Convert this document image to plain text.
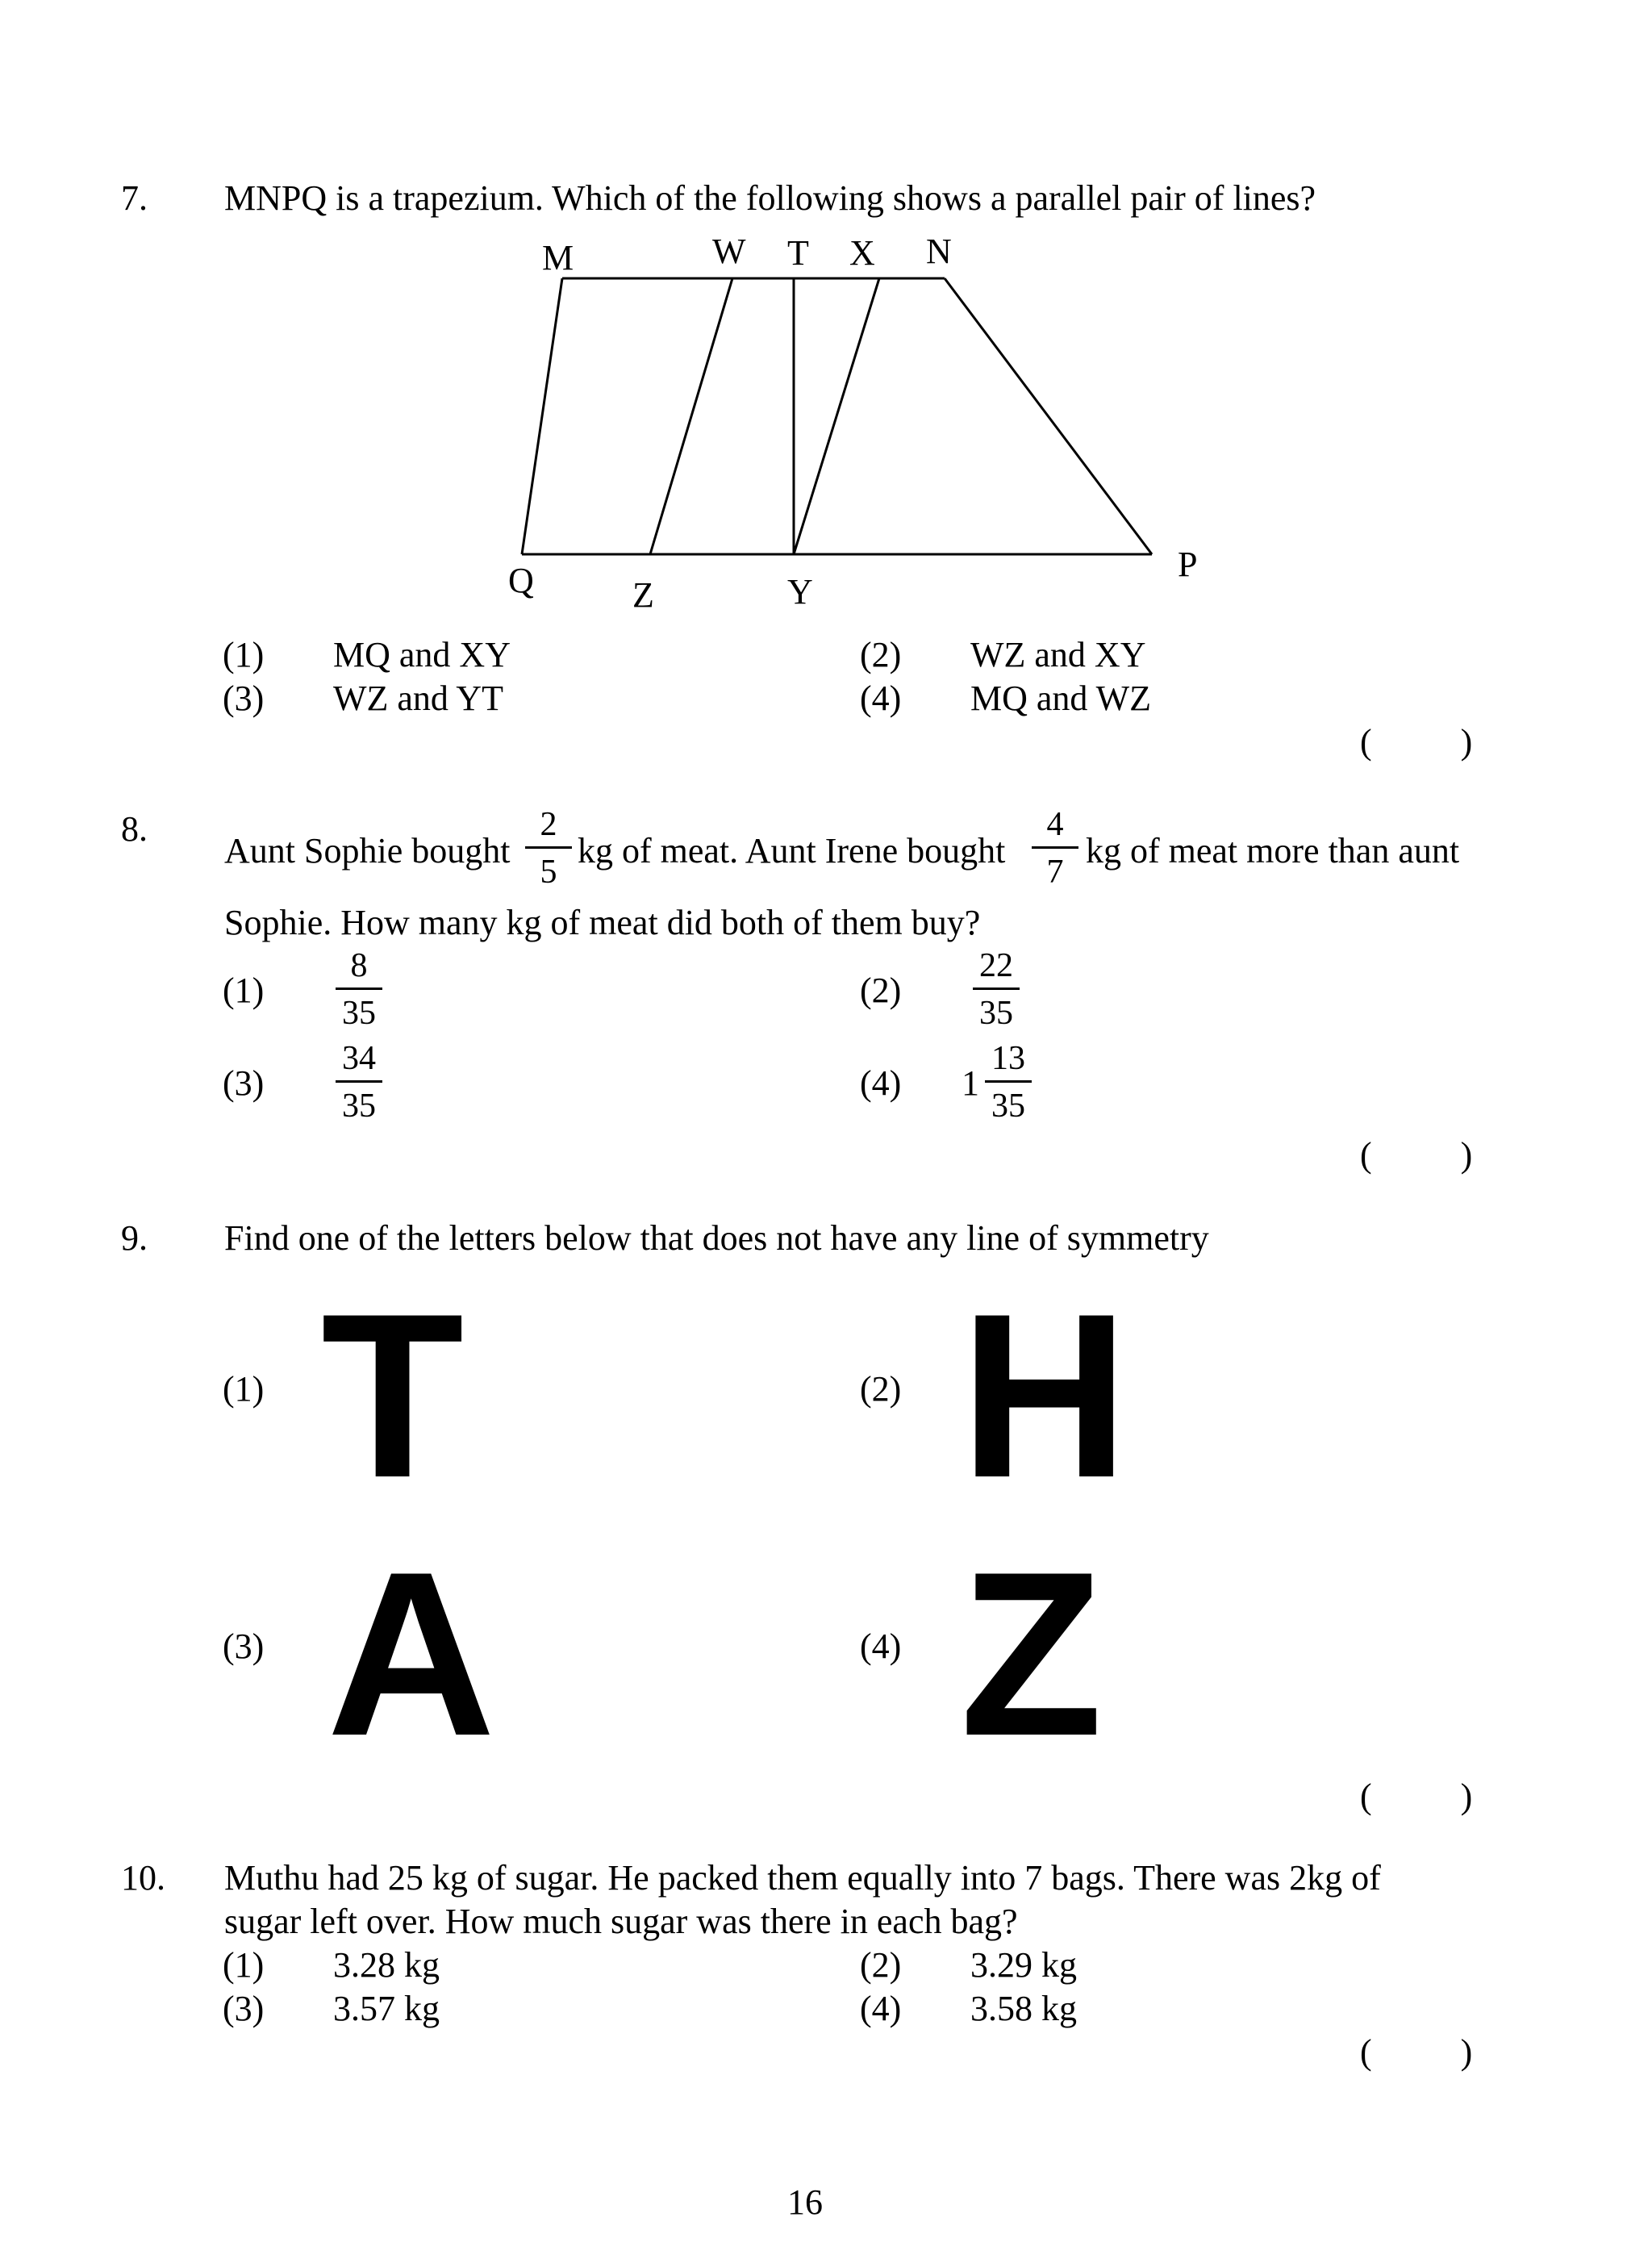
7. MNPQ is a trapezium. Which of the following shows a parallel pair of lines?
M	W T X N
P
Q	Z	Y
(1) MQ and XY	(2) WZ and XY
(3) WZ and YT	(4) MQ and WZ
(          )
8.
Aunt Sophie bought
2
5
kg of meat. Aunt Irene bought
4
7
kg of meat more than aunt
Sophie. How many kg of meat did both of them buy?
(1)
8
35
(2)
22
35
(3)
34
35
(4) 1
13
35
(          )
9. Find one of the letters below that does not have any line of symmetry
(1) T	(2) H
(3) A	(4) Z
(          )
10. Muthu had 25 kg of sugar. He packed them equally into 7 bags. There was 2kg of
sugar left over. How much sugar was there in each bag?
(1) 3.28 kg	(2) 3.29 kg
(3) 3.57 kg	(4) 3.58 kg
(          )
16
